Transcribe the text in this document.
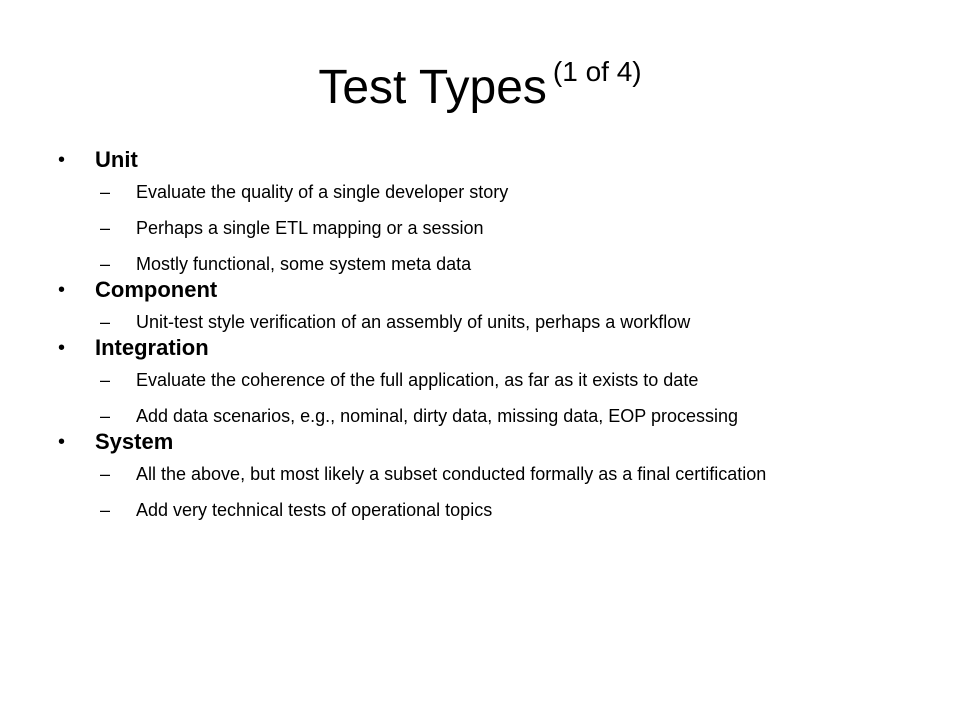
Test Types $^{(1 of 4)}$
• Unit
– Evaluate the quality of a single developer story
– Perhaps a single ETL mapping or a session
– Mostly functional, some system meta data
• Component
– Unit-test style verification of an assembly of units, perhaps a workflow
• Integration
– Evaluate the coherence of the full application, as far as it exists to date
– Add data scenarios, e.g., nominal, dirty data, missing data, EOP processing
• System
– All the above, but most likely a subset conducted formally as a final certification
– Add very technical tests of operational topics
